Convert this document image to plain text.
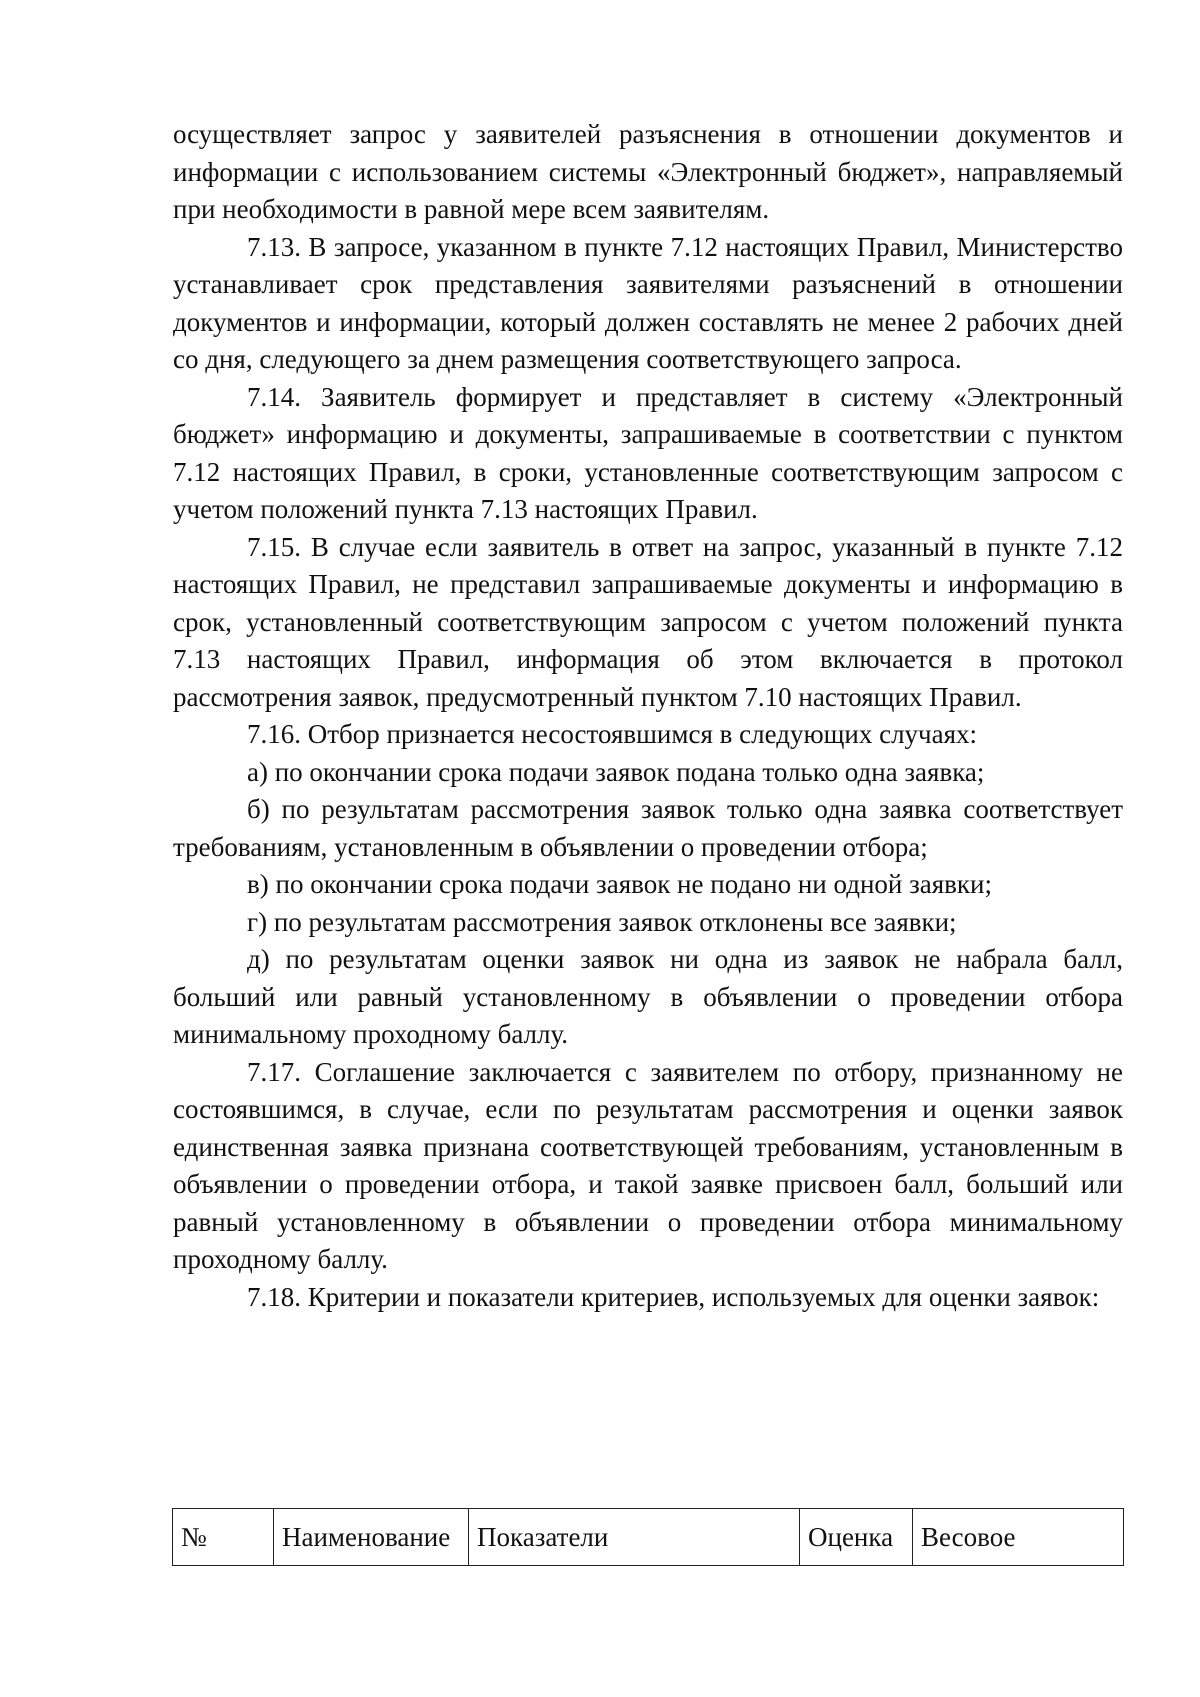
осуществляет запрос у заявителей разъяснения в отношении документов и информации с использованием системы «Электронный бюджет», направляемый при необходимости в равной мере всем заявителям.

7.13. В запросе, указанном в пункте 7.12 настоящих Правил, Министерство устанавливает срок представления заявителями разъяснений в отношении документов и информации, который должен составлять не менее 2 рабочих дней со дня, следующего за днем размещения соответствующего запроса.

7.14. Заявитель формирует и представляет в систему «Электронный бюджет» информацию и документы, запрашиваемые в соответствии с пунктом 7.12 настоящих Правил, в сроки, установленные соответствующим запросом с учетом положений пункта 7.13 настоящих Правил.

7.15. В случае если заявитель в ответ на запрос, указанный в пункте 7.12 настоящих Правил, не представил запрашиваемые документы и информацию в срок, установленный соответствующим запросом с учетом положений пункта 7.13 настоящих Правил, информация об этом включается в протокол рассмотрения заявок, предусмотренный пунктом 7.10 настоящих Правил.

7.16. Отбор признается несостоявшимся в следующих случаях:

а) по окончании срока подачи заявок подана только одна заявка;

б) по результатам рассмотрения заявок только одна заявка соответствует требованиям, установленным в объявлении о проведении отбора;

в) по окончании срока подачи заявок не подано ни одной заявки;

г) по результатам рассмотрения заявок отклонены все заявки;

д) по результатам оценки заявок ни одна из заявок не набрала балл, больший или равный установленному в объявлении о проведении отбора минимальному проходному баллу.

7.17. Соглашение заключается с заявителем по отбору, признанному не состоявшимся, в случае, если по результатам рассмотрения и оценки заявок единственная заявка признана соответствующей требованиям, установленным в объявлении о проведении отбора, и такой заявке присвоен балл, больший или равный установленному в объявлении о проведении отбора минимальному проходному баллу.

7.18. Критерии и показатели критериев, используемых для оценки заявок:

№	Наименование	Показатели	Оценка	Весовое
